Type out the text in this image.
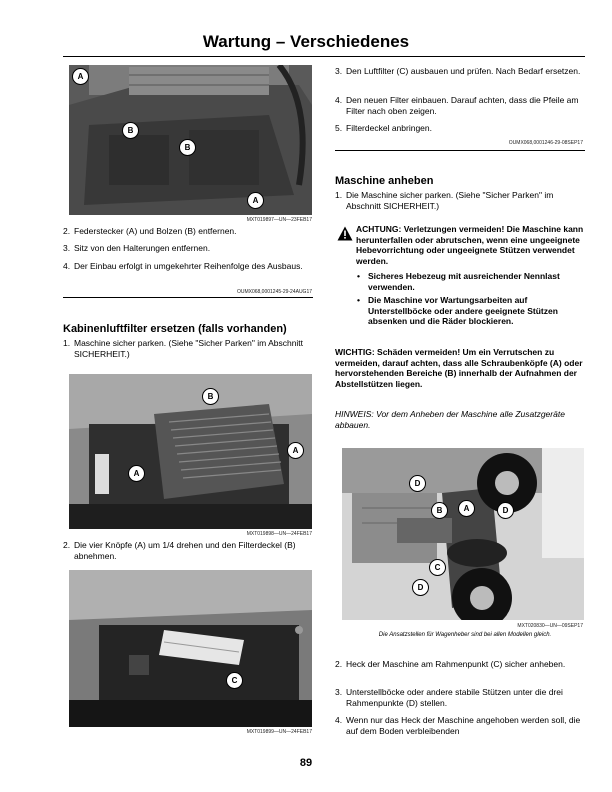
Wartung – Verschiedenes
A
B
B
A
MXT019897—UN—23FEB17
2. Federstecker (A) und Bolzen (B) entfernen.
3. Sitz von den Halterungen entfernen.
4. Der Einbau erfolgt in umgekehrter Reihenfolge des Ausbaus.
OUMX068,0001245-29-24AUG17
Kabinenluftfilter ersetzen (falls vorhanden)
1. Maschine sicher parken. (Siehe "Sicher Parken" im Abschnitt SICHERHEIT.)
B
A
A
MXT019898—UN—24FEB17
2. Die vier Knöpfe (A) um 1/4 drehen und den Filterdeckel (B) abnehmen.
C
MXT019899—UN—24FEB17
3. Den Luftfilter (C) ausbauen und prüfen. Nach Bedarf ersetzen.
4. Den neuen Filter einbauen. Darauf achten, dass die Pfeile am Filter nach oben zeigen.
5. Filterdeckel anbringen.
OUMX068,0001246-29-08SEP17
Maschine anheben
1. Die Maschine sicher parken. (Siehe "Sicher Parken" im Abschnitt SICHERHEIT.)
ACHTUNG: Verletzungen vermeiden! Die Maschine kann herunterfallen oder abrutschen, wenn eine ungeeignete Hebevorrichtung oder ungeeignete Stützen verwendet werden.
• Sicheres Hebezeug mit ausreichender Nennlast verwenden.
• Die Maschine vor Wartungsarbeiten auf Unterstellböcke oder andere geeignete Stützen absenken und die Räder blockieren.
WICHTIG: Schäden vermeiden! Um ein Verrutschen zu vermeiden, darauf achten, dass alle Schraubenköpfe (A) oder hervorstehenden Bereiche (B) innerhalb der Aufnahmen der Abstellstützen liegen.
HINWEIS: Vor dem Anheben der Maschine alle Zusatzgeräte abbauen.
D
B	A	D
C
D
MXT020830—UN—09SEP17
Die Ansatzstellen für Wagenheber sind bei allen Modellen gleich.
2. Heck der Maschine am Rahmenpunkt (C) sicher anheben.
3. Unterstellböcke oder andere stabile Stützen unter die drei Rahmenpunkte (D) stellen.
4. Wenn nur das Heck der Maschine angehoben werden soll, die auf dem Boden verbleibenden
89
